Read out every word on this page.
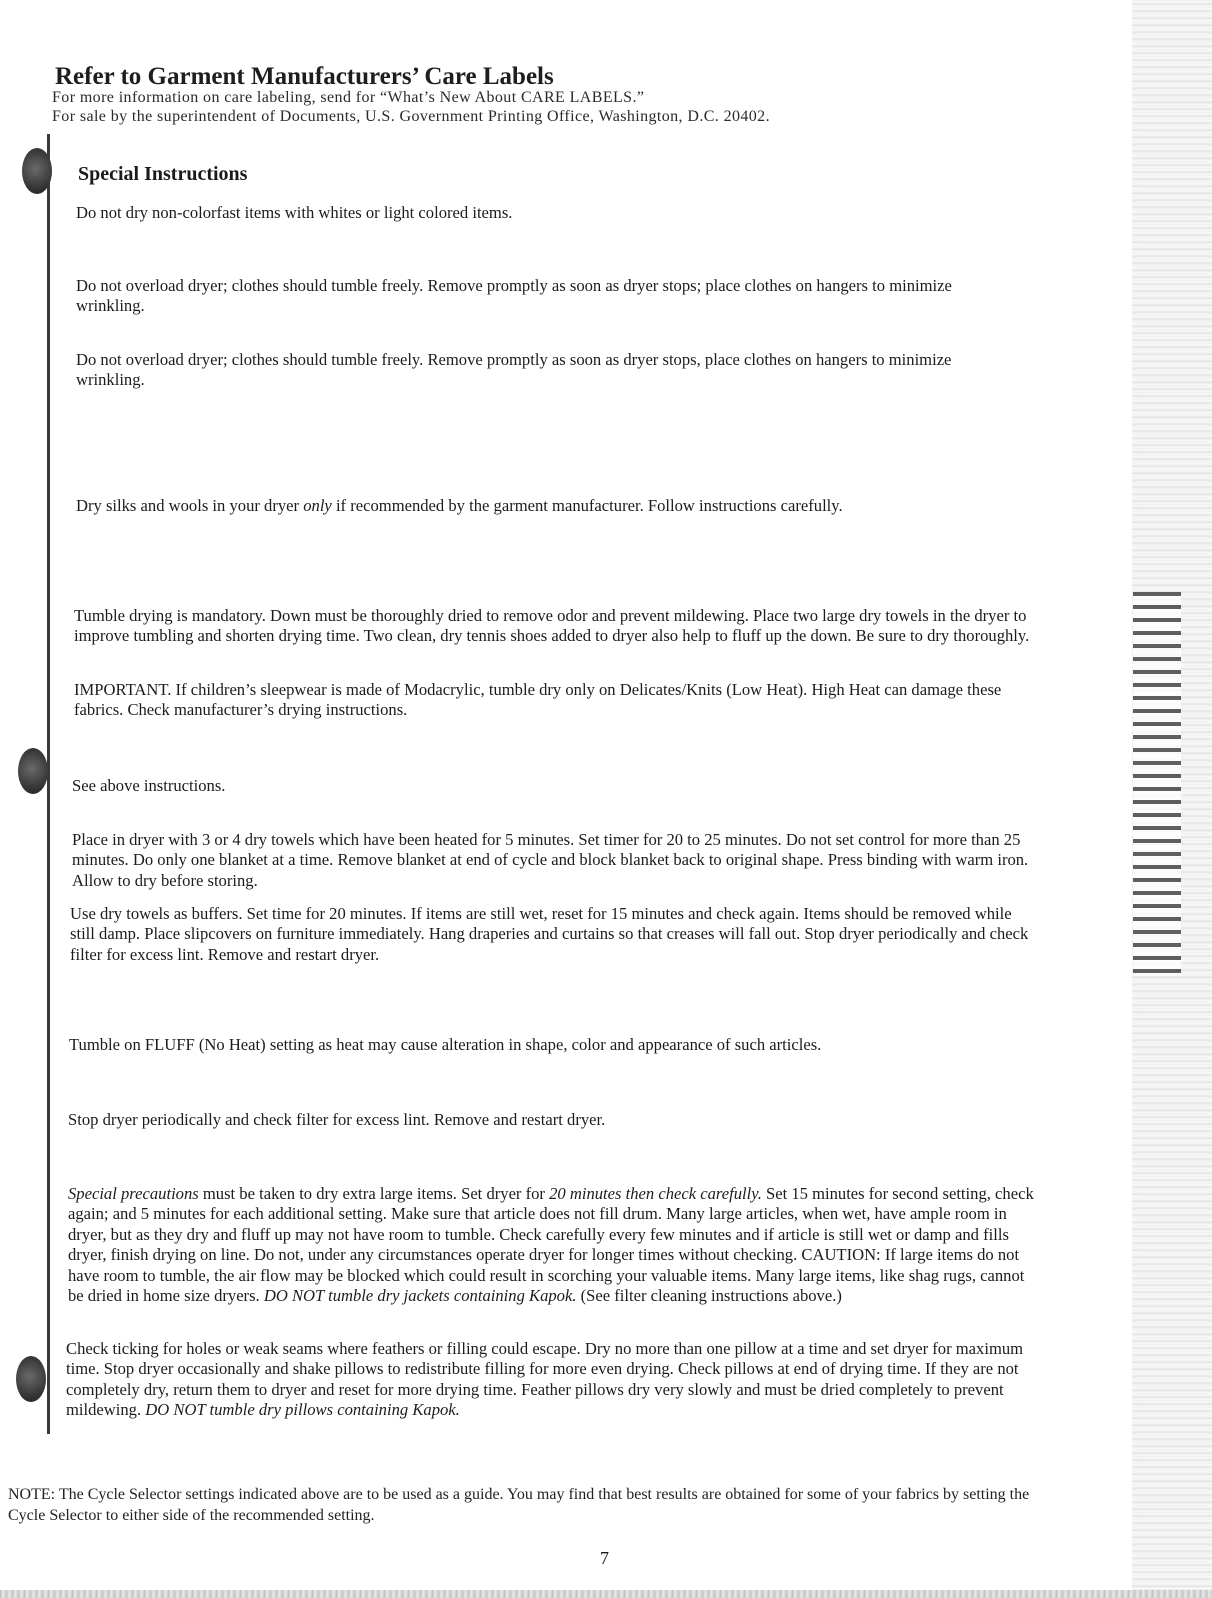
Refer to Garment Manufacturers’ Care Labels
For more information on care labeling, send for “What’s New About CARE LABELS.”
For sale by the superintendent of Documents, U.S. Government Printing Office, Washington, D.C. 20402.
Special Instructions
Do not dry non-colorfast items with whites or light colored items.
Do not overload dryer; clothes should tumble freely. Remove promptly as soon as dryer stops; place clothes on hangers to minimize wrinkling.
Do not overload dryer; clothes should tumble freely. Remove promptly as soon as dryer stops, place clothes on hangers to minimize wrinkling.
Dry silks and wools in your dryer only if recommended by the garment manufacturer. Follow instructions carefully.
Tumble drying is mandatory. Down must be thoroughly dried to remove odor and prevent mildewing. Place two large dry towels in the dryer to improve tumbling and shorten drying time. Two clean, dry tennis shoes added to dryer also help to fluff up the down. Be sure to dry thoroughly.
IMPORTANT. If children’s sleepwear is made of Modacrylic, tumble dry only on Delicates/Knits (Low Heat). High Heat can damage these fabrics. Check manufacturer’s drying instructions.
See above instructions.
Place in dryer with 3 or 4 dry towels which have been heated for 5 minutes. Set timer for 20 to 25 minutes. Do not set control for more than 25 minutes. Do only one blanket at a time. Remove blanket at end of cycle and block blanket back to original shape. Press binding with warm iron. Allow to dry before storing.
Use dry towels as buffers. Set time for 20 minutes. If items are still wet, reset for 15 minutes and check again. Items should be removed while still damp. Place slipcovers on furniture immediately. Hang draperies and curtains so that creases will fall out. Stop dryer periodically and check filter for excess lint. Remove and restart dryer.
Tumble on FLUFF (No Heat) setting as heat may cause alteration in shape, color and appearance of such articles.
Stop dryer periodically and check filter for excess lint. Remove and restart dryer.
Special precautions must be taken to dry extra large items. Set dryer for 20 minutes then check carefully. Set 15 minutes for second setting, check again; and 5 minutes for each additional setting. Make sure that article does not fill drum. Many large articles, when wet, have ample room in dryer, but as they dry and fluff up may not have room to tumble. Check carefully every few minutes and if article is still wet or damp and fills dryer, finish drying on line. Do not, under any circumstances operate dryer for longer times without checking. CAUTION: If large items do not have room to tumble, the air flow may be blocked which could result in scorching your valuable items. Many large items, like shag rugs, cannot be dried in home size dryers. DO NOT tumble dry jackets containing Kapok. (See filter cleaning instructions above.)
Check ticking for holes or weak seams where feathers or filling could escape. Dry no more than one pillow at a time and set dryer for maximum time. Stop dryer occasionally and shake pillows to redistribute filling for more even drying. Check pillows at end of drying time. If they are not completely dry, return them to dryer and reset for more drying time. Feather pillows dry very slowly and must be dried completely to prevent mildewing. DO NOT tumble dry pillows containing Kapok.
NOTE: The Cycle Selector settings indicated above are to be used as a guide. You may find that best results are obtained for some of your fabrics by setting the Cycle Selector to either side of the recommended setting.
7
